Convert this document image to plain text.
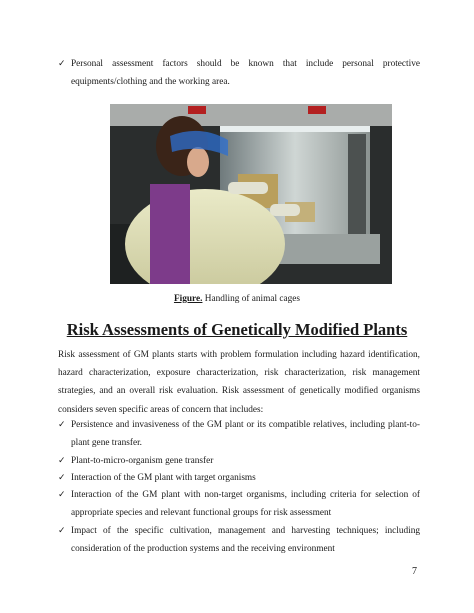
✓ Personal assessment factors should be known that include personal protective equipments/clothing and the working area.
Figure. Handling of animal cages
Risk Assessments of Genetically Modified Plants
Risk assessment of GM plants starts with problem formulation including hazard identification, hazard characterization, exposure characterization, risk characterization, risk management strategies, and an overall risk evaluation. Risk assessment of genetically modified organisms considers seven specific areas of concern that includes:
✓ Persistence and invasiveness of the GM plant or its compatible relatives, including plant-to-plant gene transfer.
✓ Plant-to-micro-organism gene transfer
✓ Interaction of the GM plant with target organisms
✓ Interaction of the GM plant with non-target organisms, including criteria for selection of appropriate species and relevant functional groups for risk assessment
✓ Impact of the specific cultivation, management and harvesting techniques; including consideration of the production systems and the receiving environment
7
